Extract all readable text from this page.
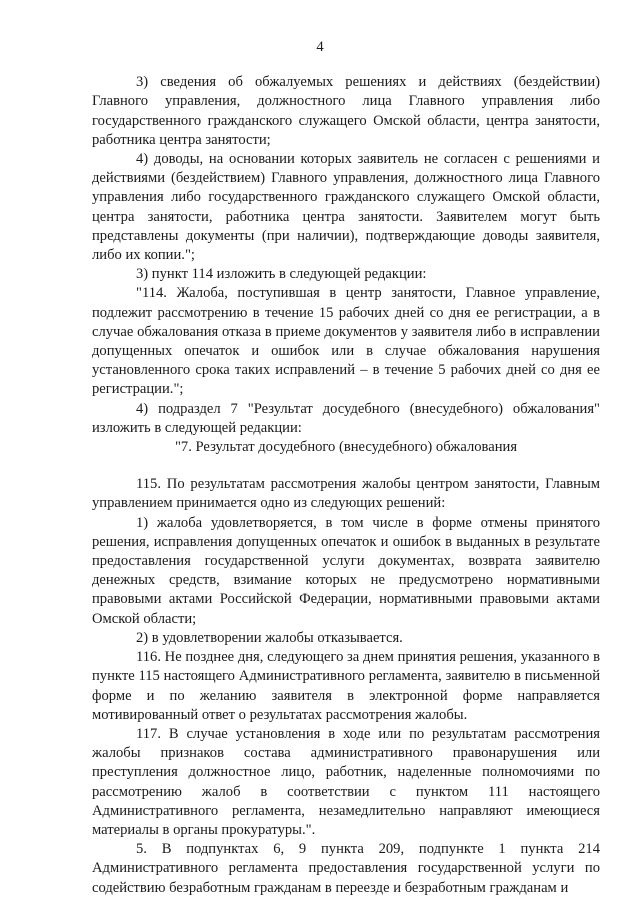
4

3) сведения об обжалуемых решениях и действиях (бездействии) Главного управления, должностного лица Главного управления либо государственного гражданского служащего Омской области, центра занятости, работника центра занятости;

4) доводы, на основании которых заявитель не согласен с решениями и действиями (бездействием) Главного управления, должностного лица Главного управления либо государственного гражданского служащего Омской области, центра занятости, работника центра занятости. Заявителем могут быть представлены документы (при наличии), подтверждающие доводы заявителя, либо их копии.";

3) пункт 114 изложить в следующей редакции:

"114. Жалоба, поступившая в центр занятости, Главное управление, подлежит рассмотрению в течение 15 рабочих дней со дня ее регистрации, а в случае обжалования отказа в приеме документов у заявителя либо в исправлении допущенных опечаток и ошибок или в случае обжалования нарушения установленного срока таких исправлений – в течение 5 рабочих дней со дня ее регистрации.";

4) подраздел 7 "Результат досудебного (внесудебного) обжалования" изложить в следующей редакции:

"7. Результат досудебного (внесудебного) обжалования

115. По результатам рассмотрения жалобы центром занятости, Главным управлением принимается одно из следующих решений:

1) жалоба удовлетворяется, в том числе в форме отмены принятого решения, исправления допущенных опечаток и ошибок в выданных в результате предоставления государственной услуги документах, возврата заявителю денежных средств, взимание которых не предусмотрено нормативными правовыми актами Российской Федерации, нормативными правовыми актами Омской области;

2) в удовлетворении жалобы отказывается.

116. Не позднее дня, следующего за днем принятия решения, указанного в пункте 115 настоящего Административного регламента, заявителю в письменной форме и по желанию заявителя в электронной форме направляется мотивированный ответ о результатах рассмотрения жалобы.

117. В случае установления в ходе или по результатам рассмотрения жалобы признаков состава административного правонарушения или преступления должностное лицо, работник, наделенные полномочиями по рассмотрению жалоб в соответствии с пунктом 111 настоящего Административного регламента, незамедлительно направляют имеющиеся материалы в органы прокуратуры.".

5. В подпунктах 6, 9 пункта 209, подпункте 1 пункта 214 Административного регламента предоставления государственной услуги по содействию безработным гражданам в переезде и безработным гражданам и
